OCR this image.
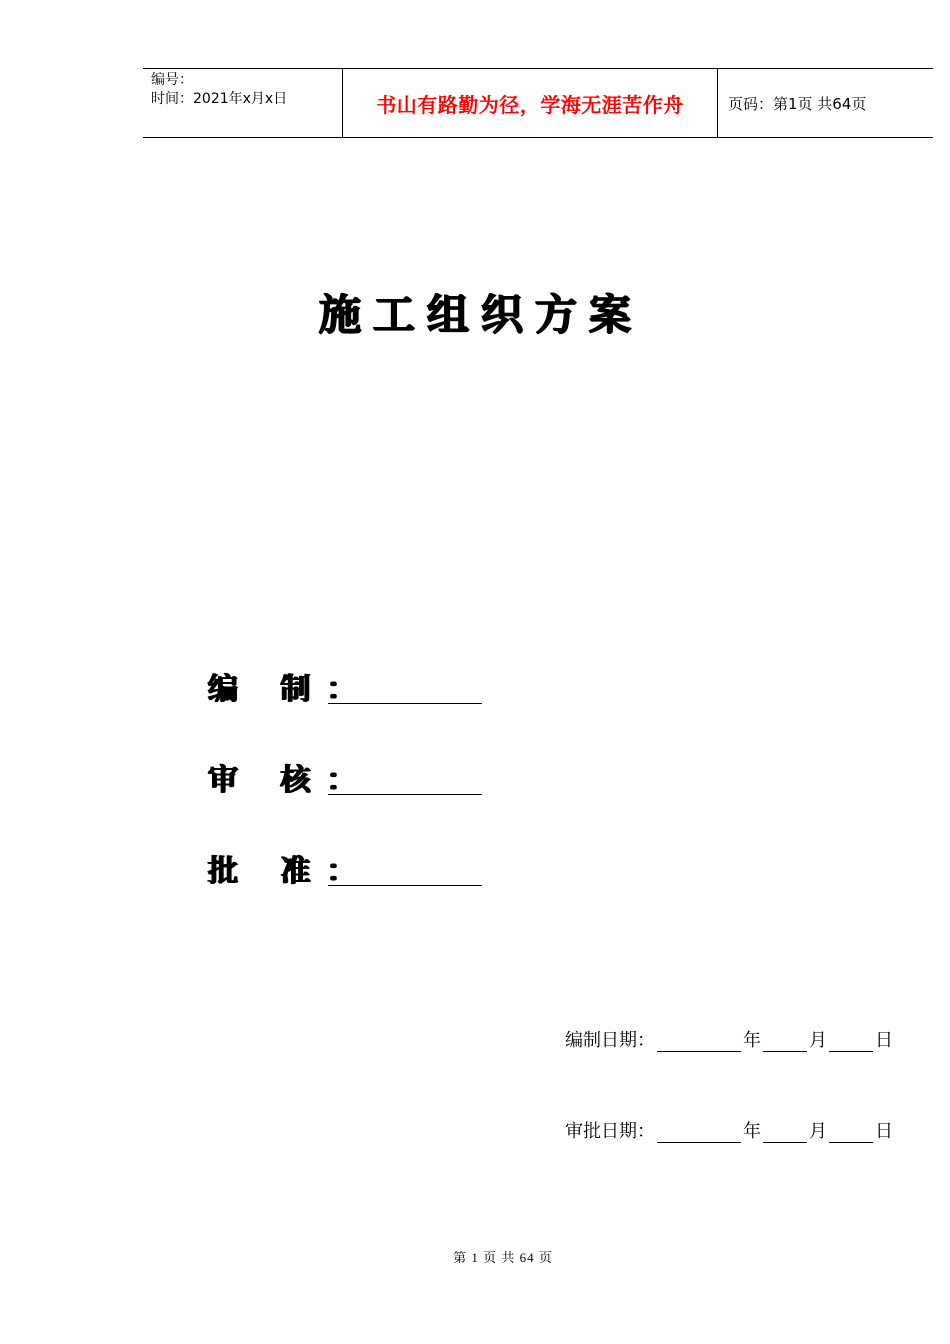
编号：
时间：2021年x月x日	书山有路勤为径，学海无涯苦作舟	页码：第1页 共64页
施工组织方案
编 制：
审 核：
批 准：
编制日期：	年	月	日
审批日期：	年	月	日
第 1 页 共 64 页
